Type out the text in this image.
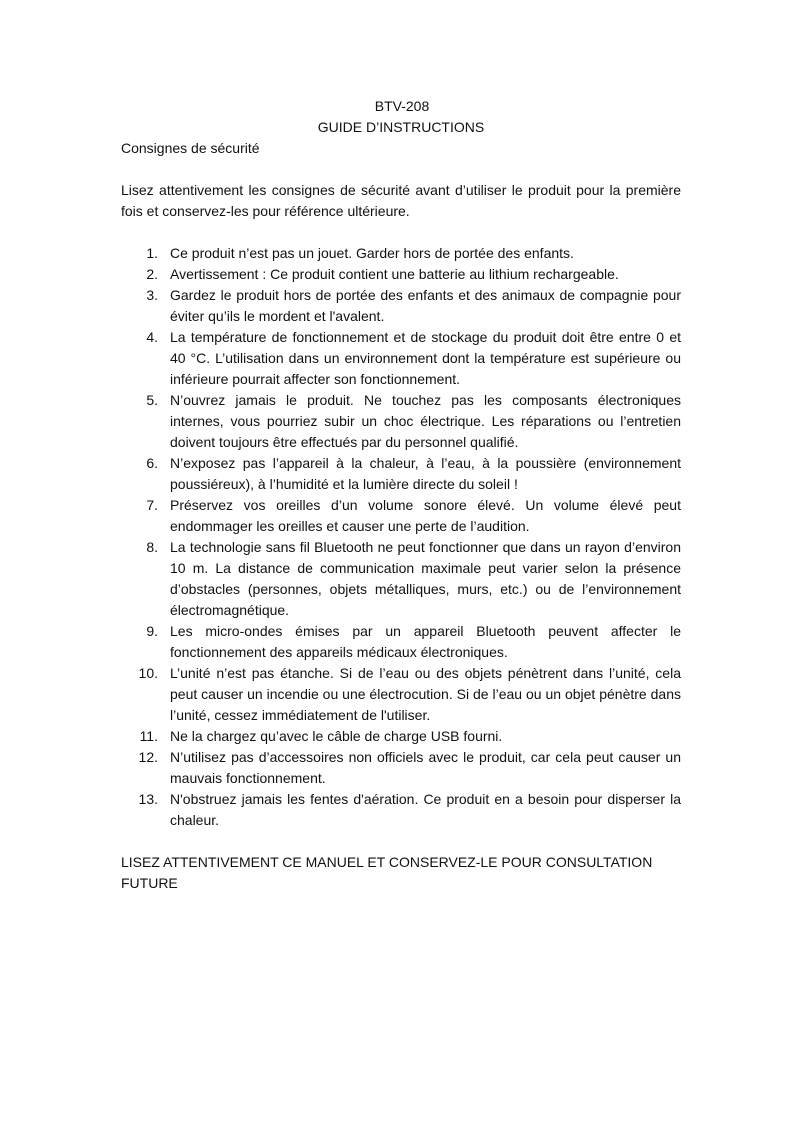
BTV-208
GUIDE D’INSTRUCTIONS
Consignes de sécurité

Lisez attentivement les consignes de sécurité avant d’utiliser le produit pour la première fois et conservez-les pour référence ultérieure.

1. Ce produit n’est pas un jouet. Garder hors de portée des enfants.
2. Avertissement : Ce produit contient une batterie au lithium rechargeable.
3. Gardez le produit hors de portée des enfants et des animaux de compagnie pour éviter qu’ils le mordent et l'avalent.
4. La température de fonctionnement et de stockage du produit doit être entre 0 et 40 °C. L’utilisation dans un environnement dont la température est supérieure ou inférieure pourrait affecter son fonctionnement.
5. N’ouvrez jamais le produit. Ne touchez pas les composants électroniques internes, vous pourriez subir un choc électrique. Les réparations ou l’entretien doivent toujours être effectués par du personnel qualifié.
6. N’exposez pas l’appareil à la chaleur, à l’eau, à la poussière (environnement poussiéreux), à l’humidité et la lumière directe du soleil !
7. Préservez vos oreilles d’un volume sonore élevé. Un volume élevé peut endommager les oreilles et causer une perte de l’audition.
8. La technologie sans fil Bluetooth ne peut fonctionner que dans un rayon d’environ 10 m. La distance de communication maximale peut varier selon la présence d’obstacles (personnes, objets métalliques, murs, etc.) ou de l’environnement électromagnétique.
9. Les micro-ondes émises par un appareil Bluetooth peuvent affecter le fonctionnement des appareils médicaux électroniques.
10. L’unité n’est pas étanche. Si de l’eau ou des objets pénètrent dans l’unité, cela peut causer un incendie ou une électrocution. Si de l’eau ou un objet pénètre dans l’unité, cessez immédiatement de l'utiliser.
11. Ne la chargez qu’avec le câble de charge USB fourni.
12. N’utilisez pas d’accessoires non officiels avec le produit, car cela peut causer un mauvais fonctionnement.
13. N'obstruez jamais les fentes d'aération. Ce produit en a besoin pour disperser la chaleur.
LISEZ ATTENTIVEMENT CE MANUEL ET CONSERVEZ-LE POUR CONSULTATION FUTURE
